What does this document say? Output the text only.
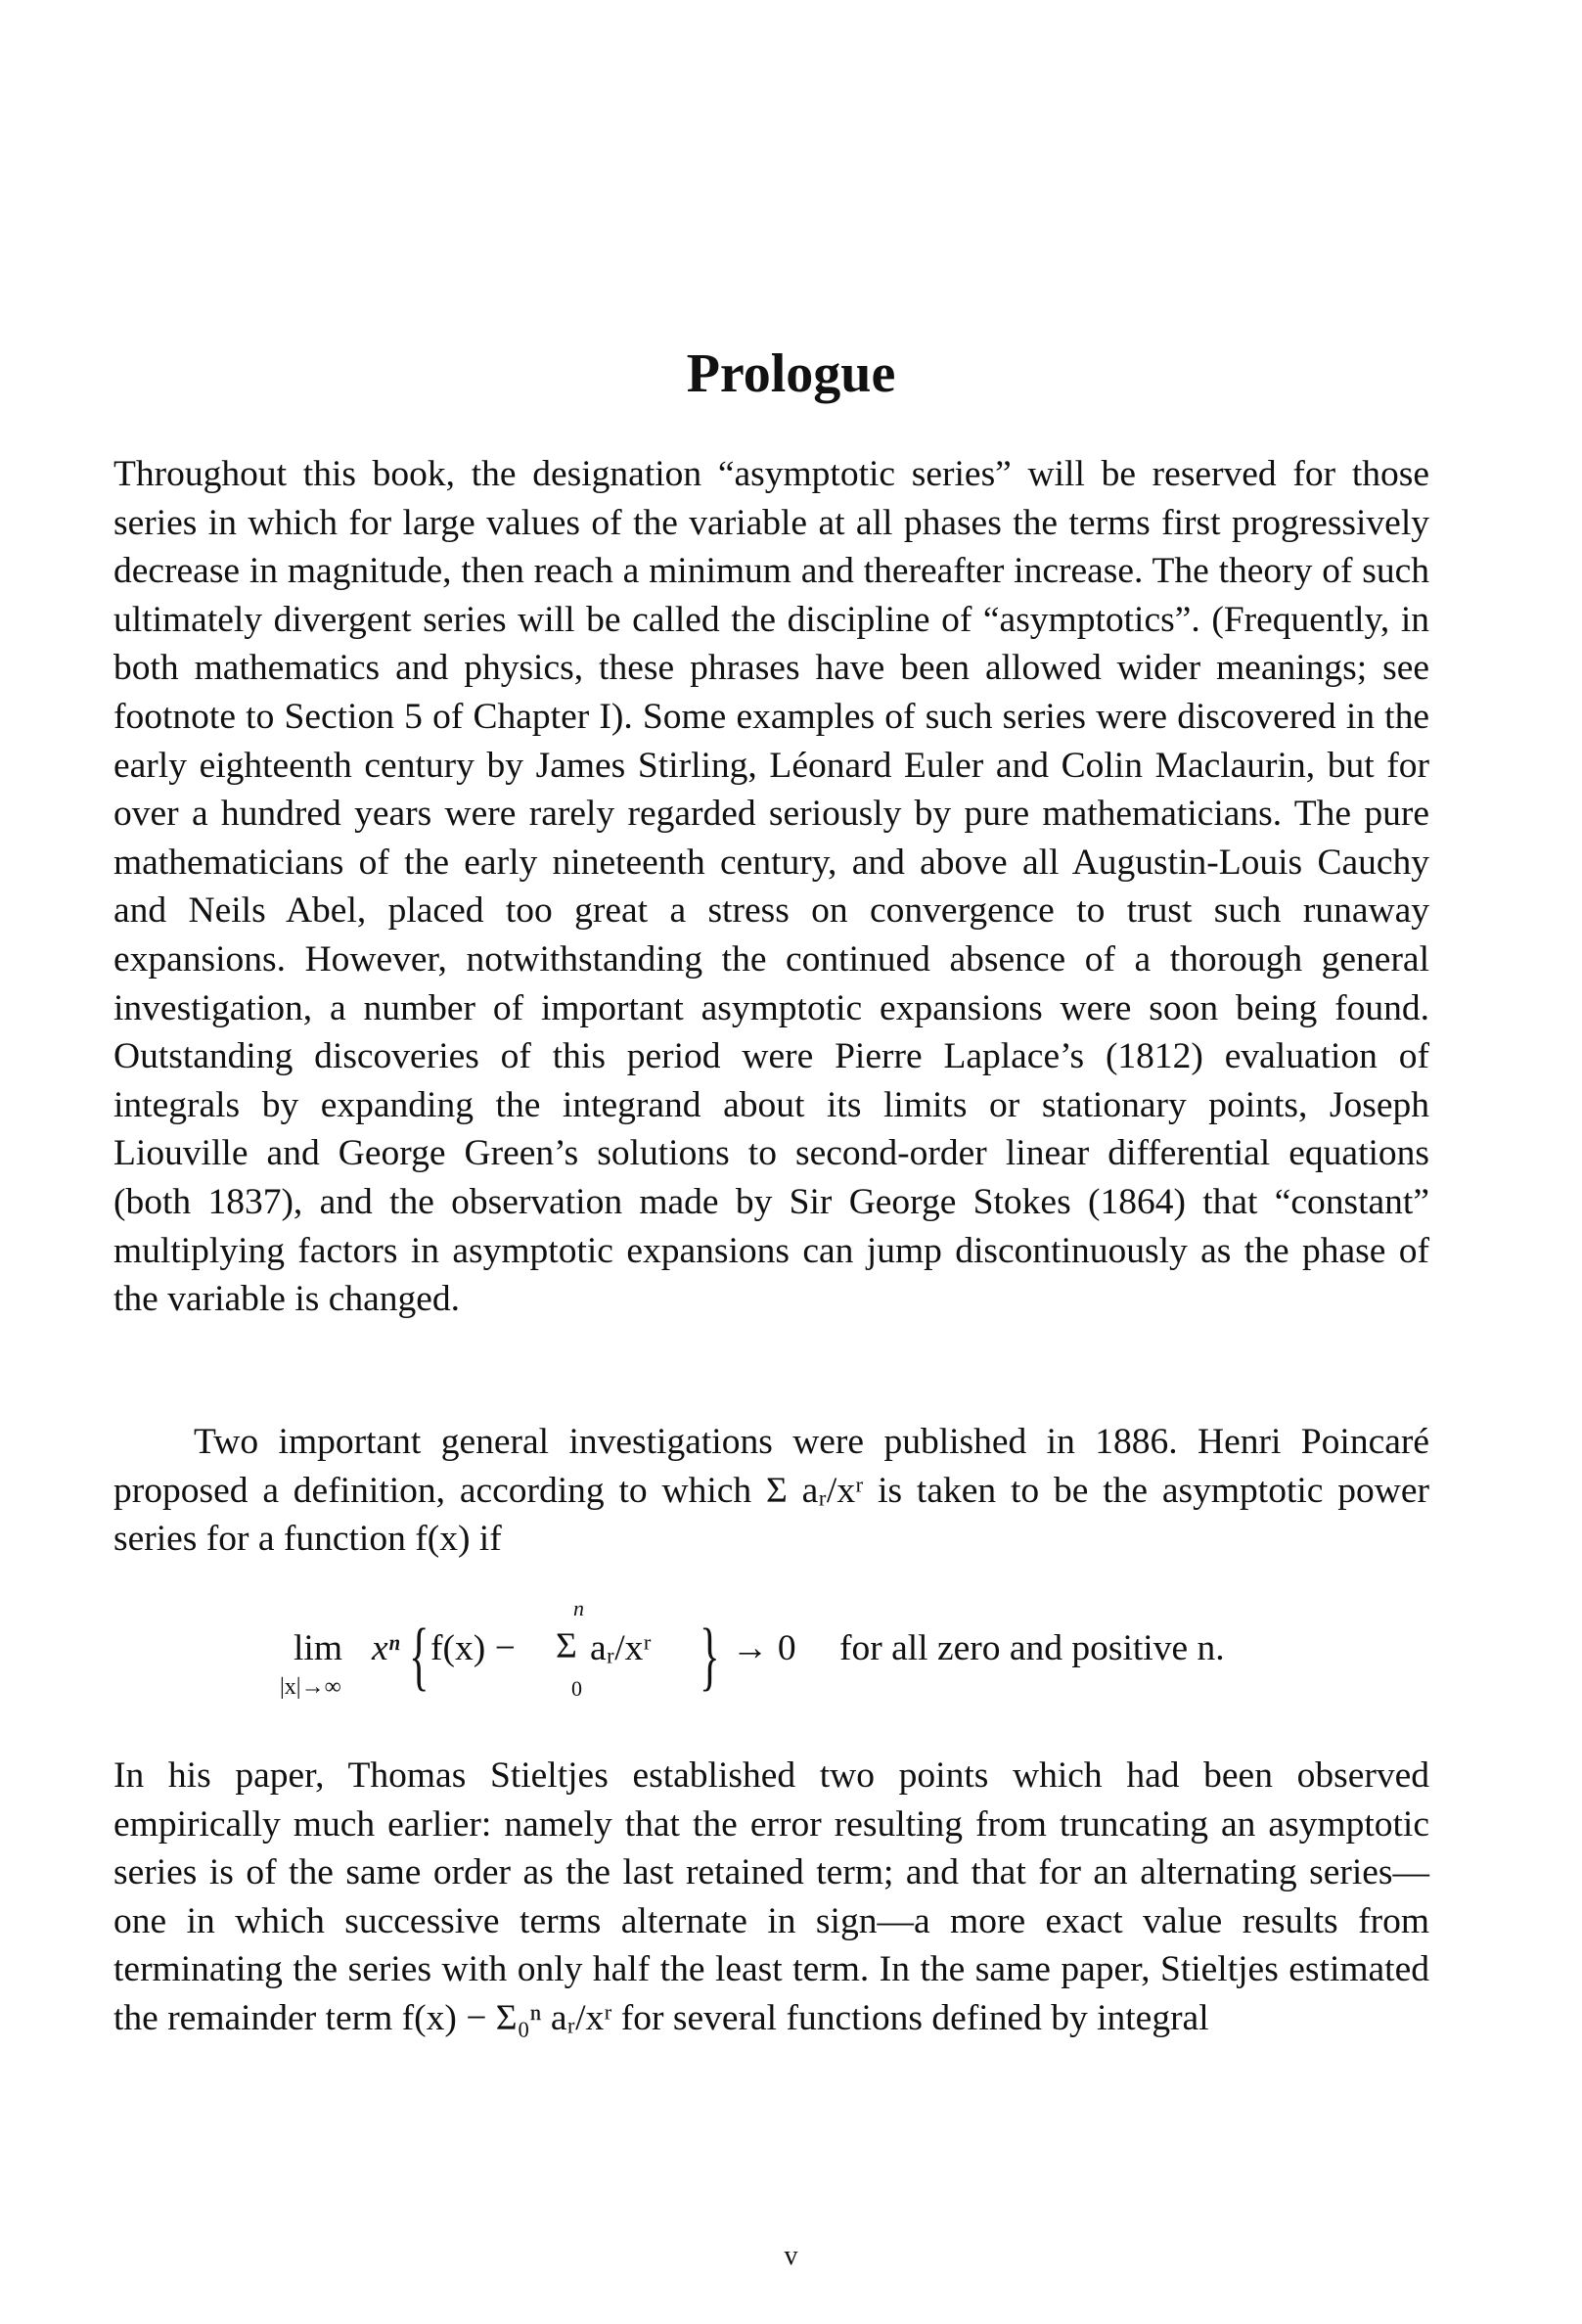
Prologue

Throughout this book, the designation “asymptotic series” will be reserved for those series in which for large values of the variable at all phases the terms first progressively decrease in magnitude, then reach a minimum and thereafter increase. The theory of such ultimately divergent series will be called the discipline of “asymptotics”. (Frequently, in both mathematics and physics, these phrases have been allowed wider meanings; see footnote to Section 5 of Chapter I). Some examples of such series were discovered in the early eighteenth century by James Stirling, Léonard Euler and Colin Maclaurin, but for over a hundred years were rarely regarded seriously by pure mathematicians. The pure mathematicians of the early nineteenth century, and above all Augustin-Louis Cauchy and Neils Abel, placed too great a stress on convergence to trust such runaway expansions. However, notwithstanding the continued absence of a thorough general investigation, a number of important asymptotic expansions were soon being found. Outstanding discoveries of this period were Pierre Laplace’s (1812) evaluation of integrals by expanding the integrand about its limits or stationary points, Joseph Liouville and George Green’s solutions to second-order linear differential equations (both 1837), and the observation made by Sir George Stokes (1864) that “constant” multiplying factors in asymptotic expansions can jump discontinuously as the phase of the variable is changed.

Two important general investigations were published in 1886. Henri Poincaré proposed a definition, according to which Σ aᵣ/xʳ is taken to be the asymptotic power series for a function f(x) if

lim
|x|→∞
xⁿ { f(x) −
n
Σ
0
aᵣ/xʳ } → 0 for all zero and positive n.

In his paper, Thomas Stieltjes established two points which had been observed empirically much earlier: namely that the error resulting from truncating an asymptotic series is of the same order as the last retained term; and that for an alternating series—one in which successive terms alternate in sign—a more exact value results from terminating the series with only half the least term. In the same paper, Stieltjes estimated the remainder term f(x) − Σ₀ⁿ aᵣ/xʳ for several functions defined by integral

v
